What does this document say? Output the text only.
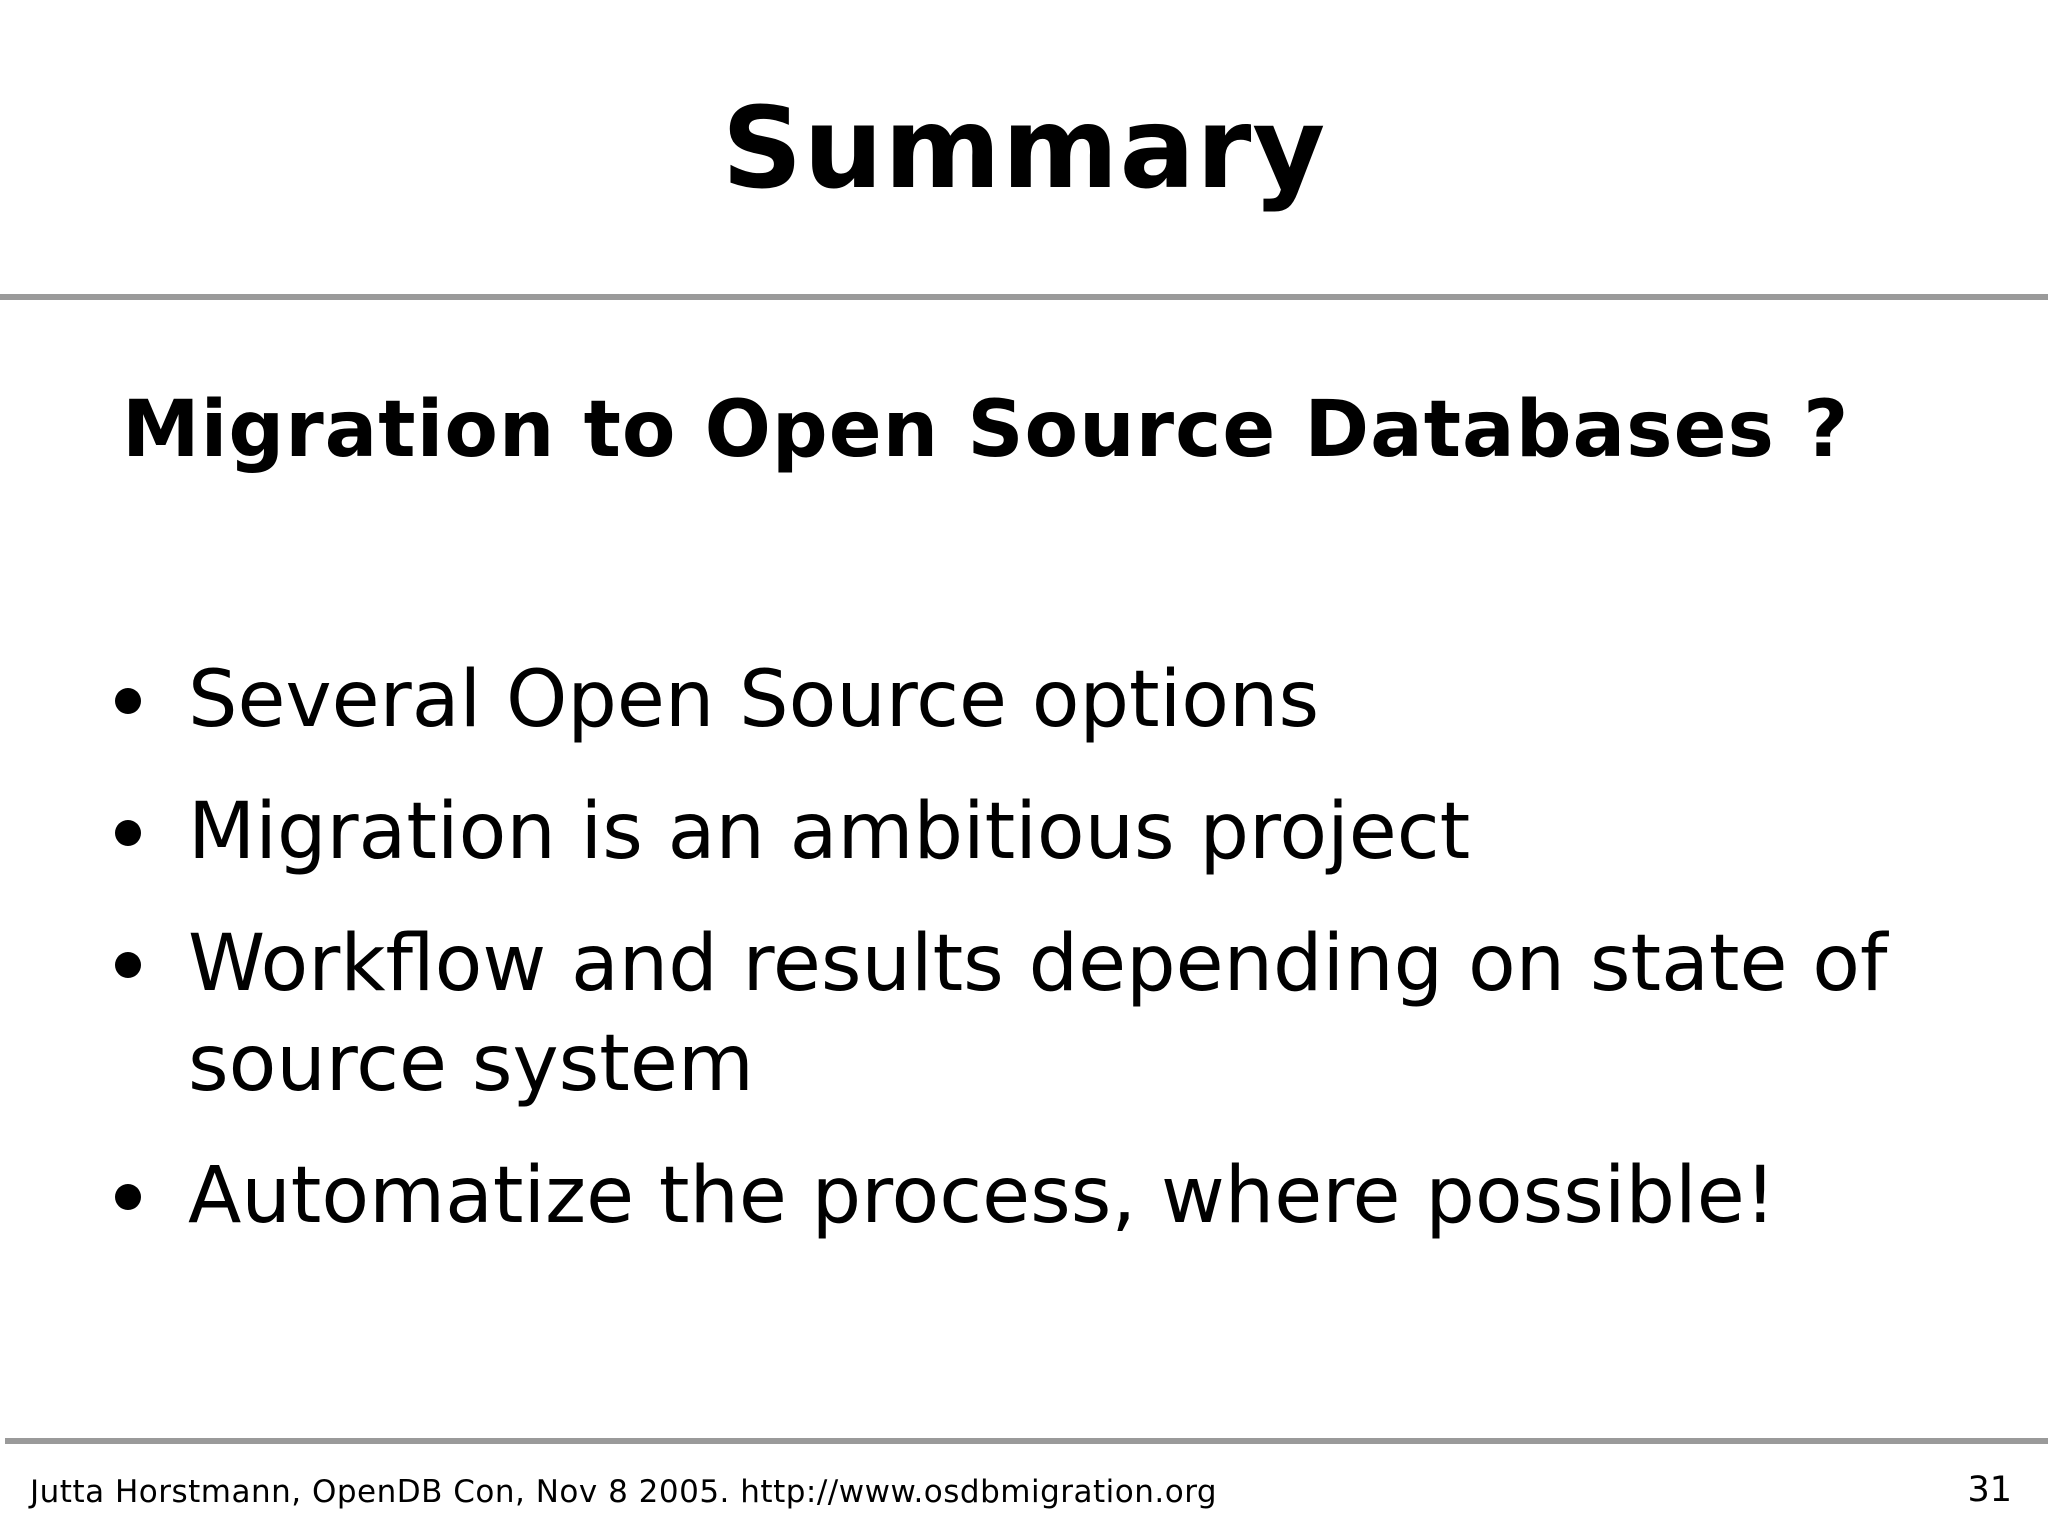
Summary
Migration to Open Source Databases ?
Several Open Source options
Migration is an ambitious project
Workflow and results depending on state of source system
Automatize the process, where possible!
Jutta Horstmann, OpenDB Con, Nov 8 2005. http://www.osdbmigration.org	31
